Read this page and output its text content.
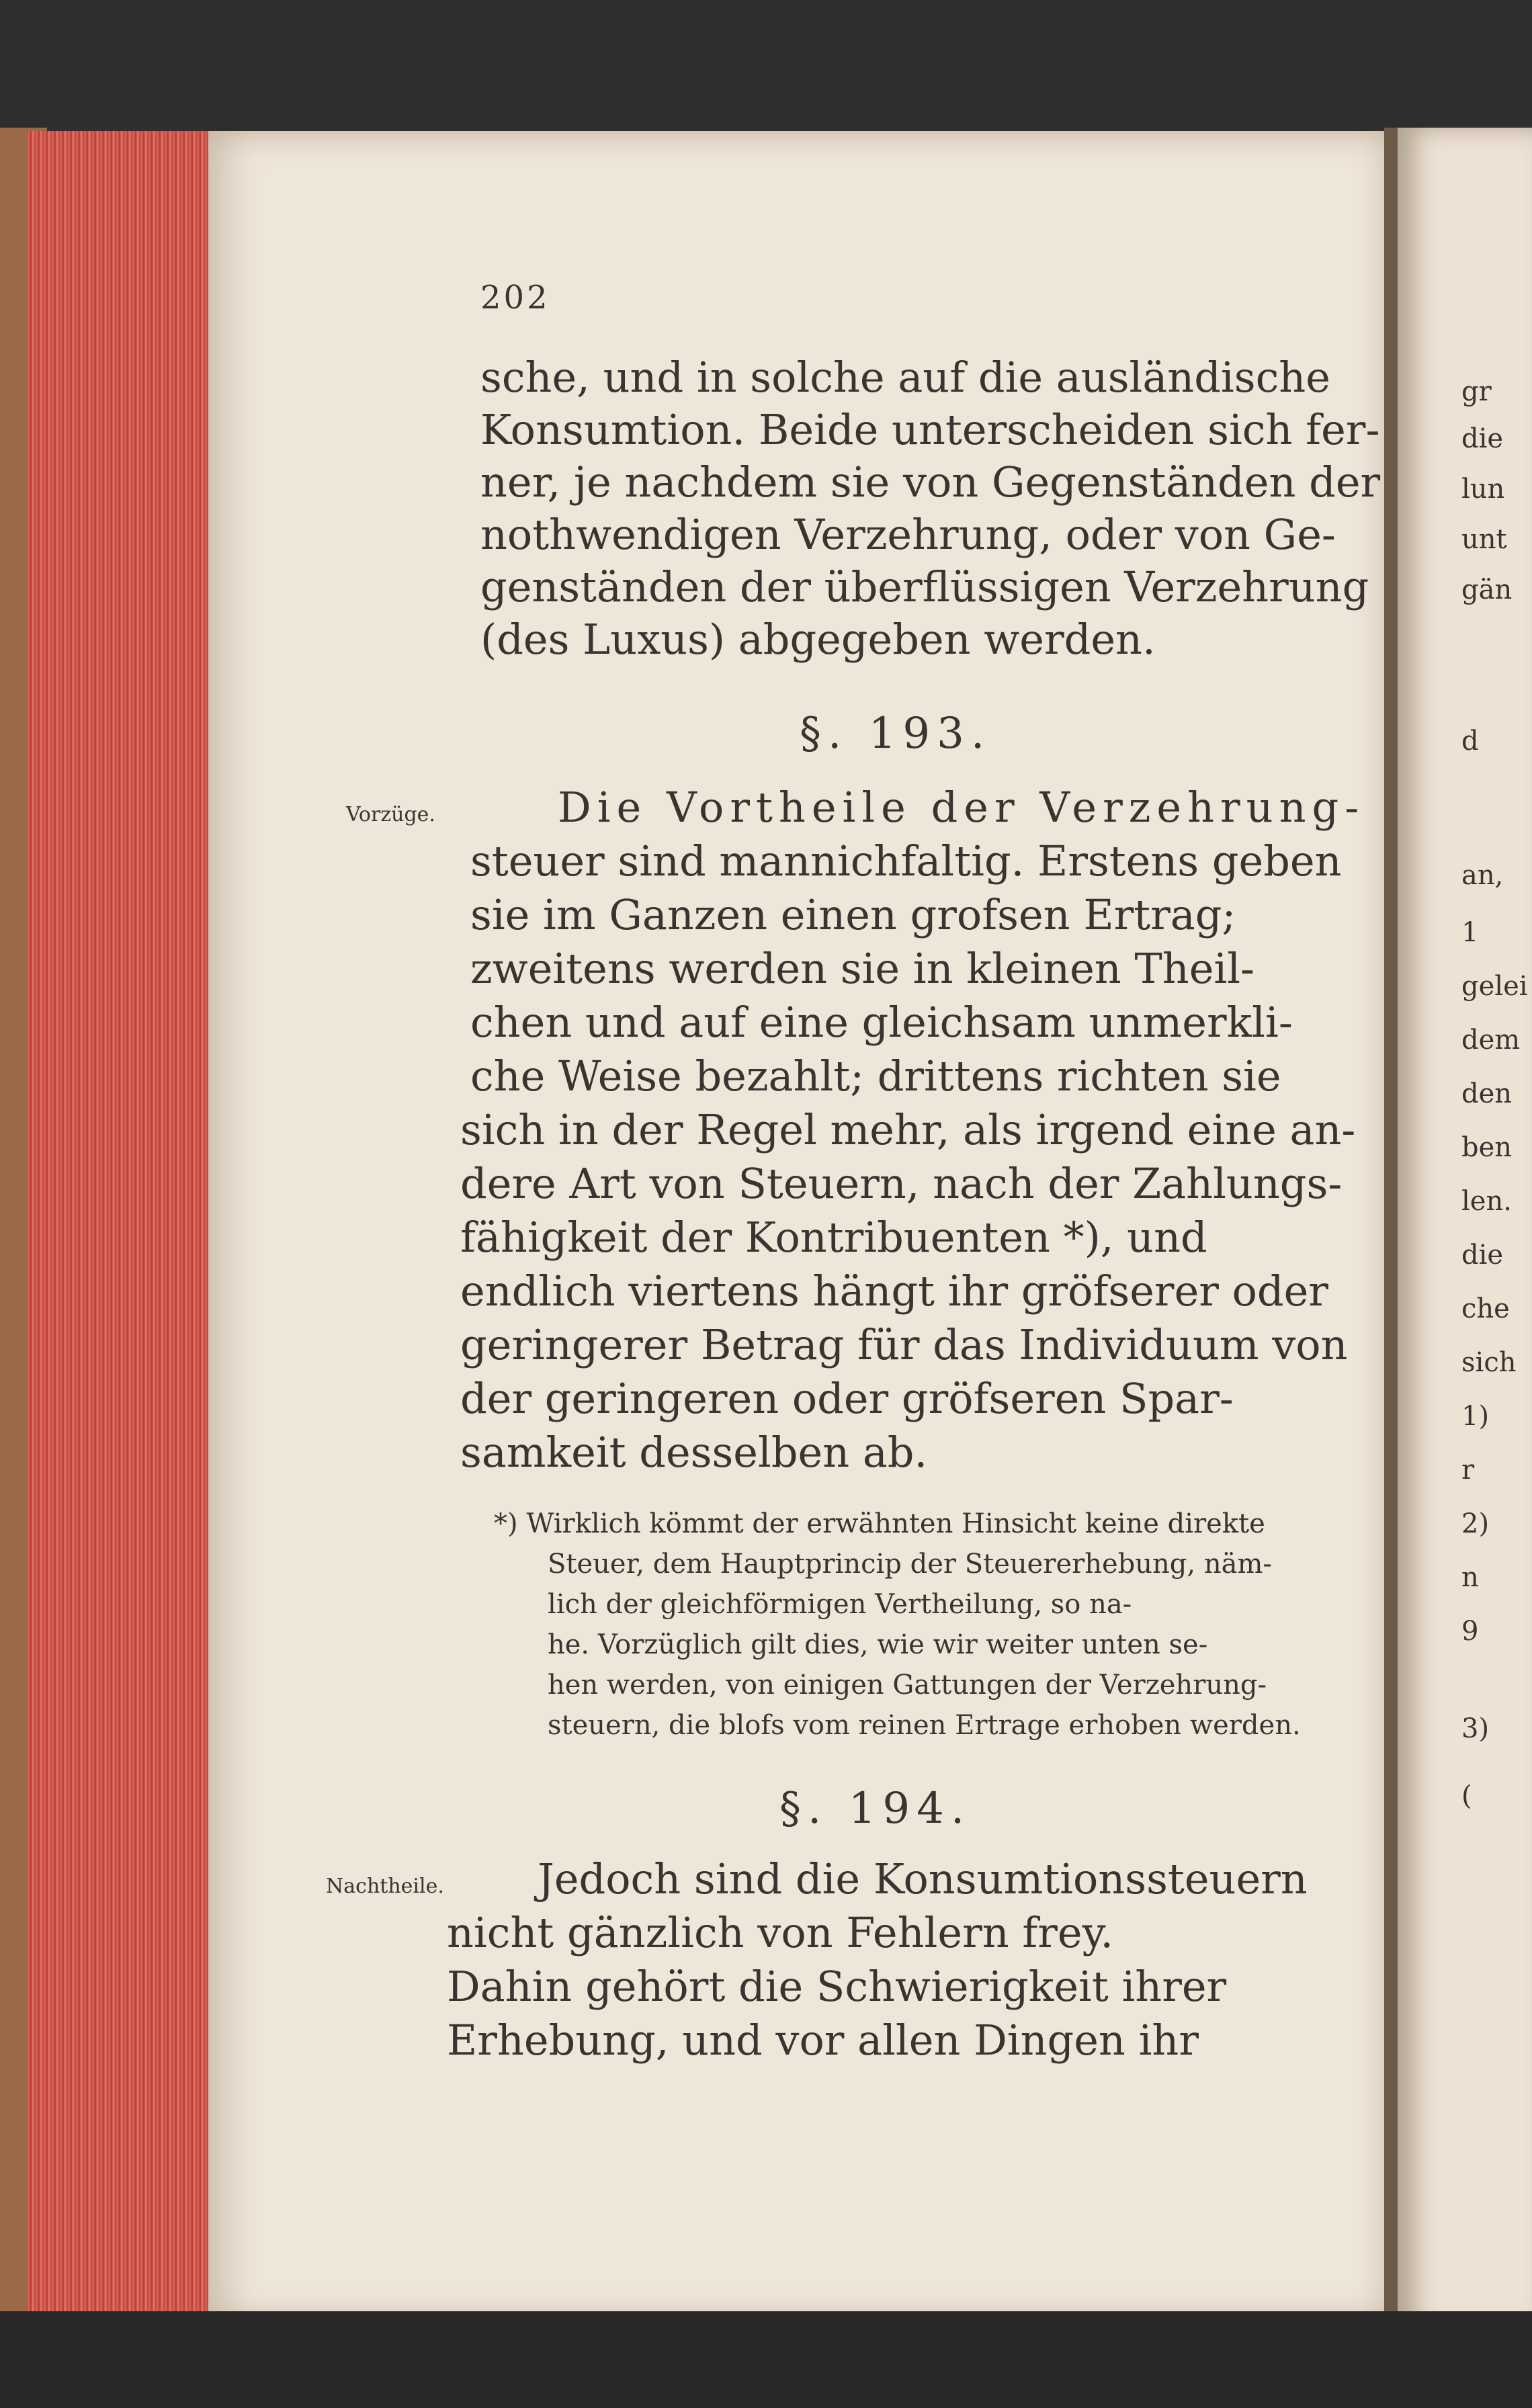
202
sche, und in solche auf die ausländische
Konsumtion. Beide unterscheiden sich fer-
ner, je nachdem sie von Gegenständen der
nothwendigen Verzehrung, oder von Ge-
genständen der überflüssigen Verzehrung
(des Luxus) abgegeben werden.
§. 193.
Vorzüge.	Die Vortheile der Verzehrung-
steuer sind mannichfaltig. Erstens geben
sie im Ganzen einen grofsen Ertrag;
zweitens werden sie in kleinen Theil-
chen und auf eine gleichsam unmerkli-
che Weise bezahlt; drittens richten sie
sich in der Regel mehr, als irgend eine an-
dere Art von Steuern, nach der Zahlungs-
fähigkeit der Kontribuenten *), und
endlich viertens hängt ihr gröfserer oder
geringerer Betrag für das Individuum von
der geringeren oder gröfseren Spar-
samkeit desselben ab.
*) Wirklich kömmt der erwähnten Hinsicht keine direkte
Steuer, dem Hauptprincip der Steuererhebung, näm-
lich der gleichförmigen Vertheilung, so na-
he. Vorzüglich gilt dies, wie wir weiter unten se-
hen werden, von einigen Gattungen der Verzehrung-
steuern, die blofs vom reinen Ertrage erhoben werden.
§. 194.
Nachtheile. Jedoch sind die Konsumtionssteuern
nicht gänzlich von Fehlern frey.
Dahin gehört die Schwierigkeit ihrer
Erhebung, und vor allen Dingen ihr
gr
die
lun
unt
gän
d
an,
1
gelei
dem
den
ben
len.
die
che
sich
1)
r
2)
n
9
3)
(
